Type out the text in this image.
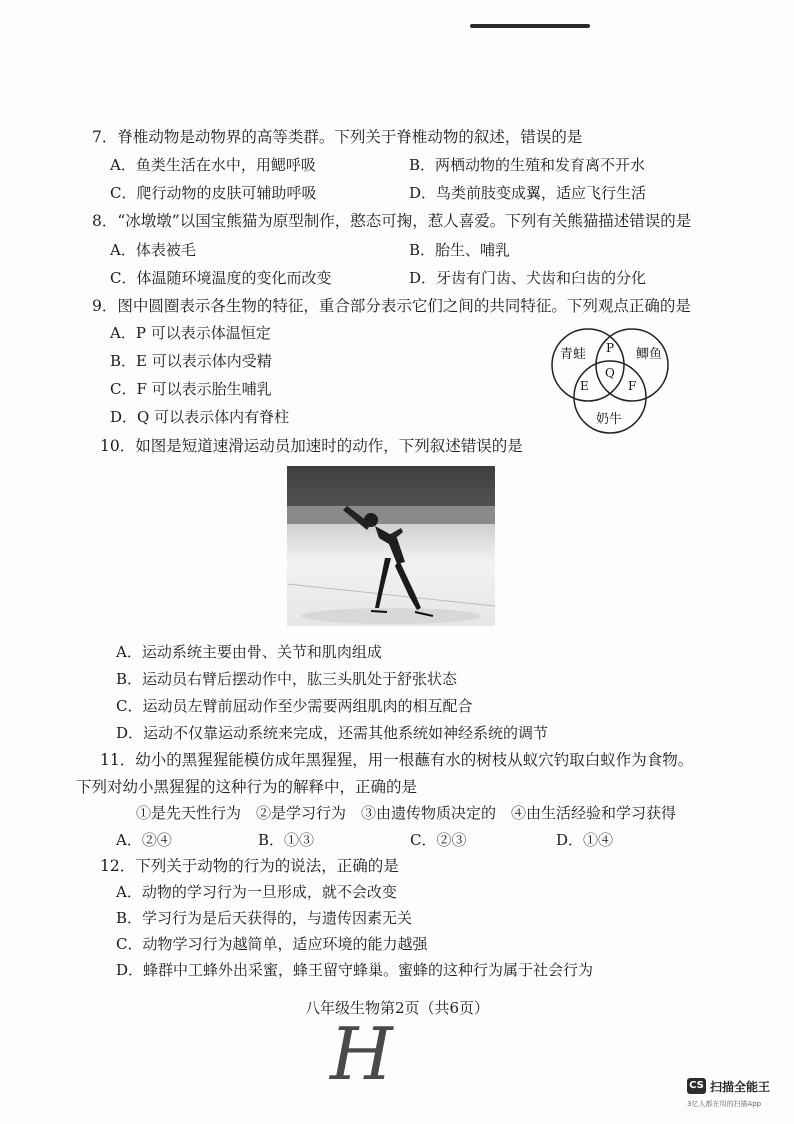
7．脊椎动物是动物界的高等类群。下列关于脊椎动物的叙述，错误的是
A．鱼类生活在水中，用鳃呼吸	B．两栖动物的生殖和发育离不开水
C．爬行动物的皮肤可辅助呼吸	D．鸟类前肢变成翼，适应飞行生活
8．“冰墩墩”以国宝熊猫为原型制作，憨态可掬，惹人喜爱。下列有关熊猫描述错误的是
A．体表被毛	B．胎生、哺乳
C．体温随环境温度的变化而改变	D．牙齿有门齿、犬齿和臼齿的分化
9．图中圆圈表示各生物的特征，重合部分表示它们之间的共同特征。下列观点正确的是
A．P 可以表示体温恒定
B．E 可以表示体内受精
C．F 可以表示胎生哺乳
D．Q 可以表示体内有脊柱
青蛙	鲫鱼
奶牛
P
Q
E	F
10．如图是短道速滑运动员加速时的动作，下列叙述错误的是
A．运动系统主要由骨、关节和肌肉组成
B．运动员右臂后摆动作中，肱三头肌处于舒张状态
C．运动员左臂前屈动作至少需要两组肌肉的相互配合
D．运动不仅靠运动系统来完成，还需其他系统如神经系统的调节
11．幼小的黑猩猩能模仿成年黑猩猩，用一根蘸有水的树枝从蚁穴钓取白蚁作为食物。
下列对幼小黑猩猩的这种行为的解释中，正确的是
①是先天性行为　②是学习行为　③由遗传物质决定的　④由生活经验和学习获得
A．②④	B．①③	C．②③	D．①④
12．下列关于动物的行为的说法，正确的是
A．动物的学习行为一旦形成，就不会改变
B．学习行为是后天获得的，与遗传因素无关
C．动物学习行为越简单，适应环境的能力越强
D．蜂群中工蜂外出采蜜，蜂王留守蜂巢。蜜蜂的这种行为属于社会行为
八年级生物第2页（共6页）
H	CS 扫描全能王
3亿人都在用的扫描App
